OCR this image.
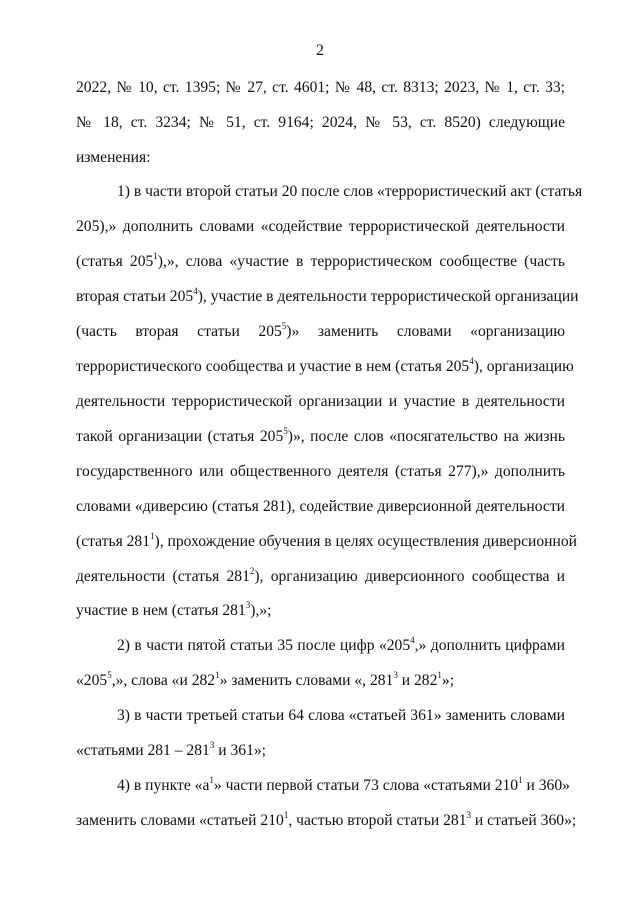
2
2022, № 10, ст. 1395; № 27, ст. 4601; № 48, ст. 8313; 2023, № 1, ст. 33;
№ 18, ст. 3234; № 51, ст. 9164; 2024, № 53, ст. 8520) следующие
изменения:
1) в части второй статьи 20 после слов «террористический акт (статья
205),» дополнить словами «содействие террористической деятельности
(статья $205^1$),», слова «участие в террористическом сообществе (часть
вторая статьи $205^4$), участие в деятельности террористической организации
(часть вторая статьи $205^5$)» заменить словами «организацию
террористического сообщества и участие в нем (статья $205^4$), организацию
деятельности террористической организации и участие в деятельности
такой организации (статья $205^5$)», после слов «посягательство на жизнь
государственного или общественного деятеля (статья 277),» дополнить
словами «диверсию (статья 281), содействие диверсионной деятельности
(статья $281^1$), прохождение обучения в целях осуществления диверсионной
деятельности (статья $281^2$), организацию диверсионного сообщества и
участие в нем (статья $281^3$),»;
2) в части пятой статьи 35 после цифр «$205^4$,» дополнить цифрами
«$205^5$,», слова «и $282^1$» заменить словами «, $281^3$ и $282^1$»;
3) в части третьей статьи 64 слова «статьей 361» заменить словами
«статьями $281 - 281^3$ и 361»;
4) в пункте «$а^1$» части первой статьи 73 слова «статьями $210^1$ и 360»
заменить словами «статьей $210^1$, частью второй статьи $281^3$ и статьей 360»;
